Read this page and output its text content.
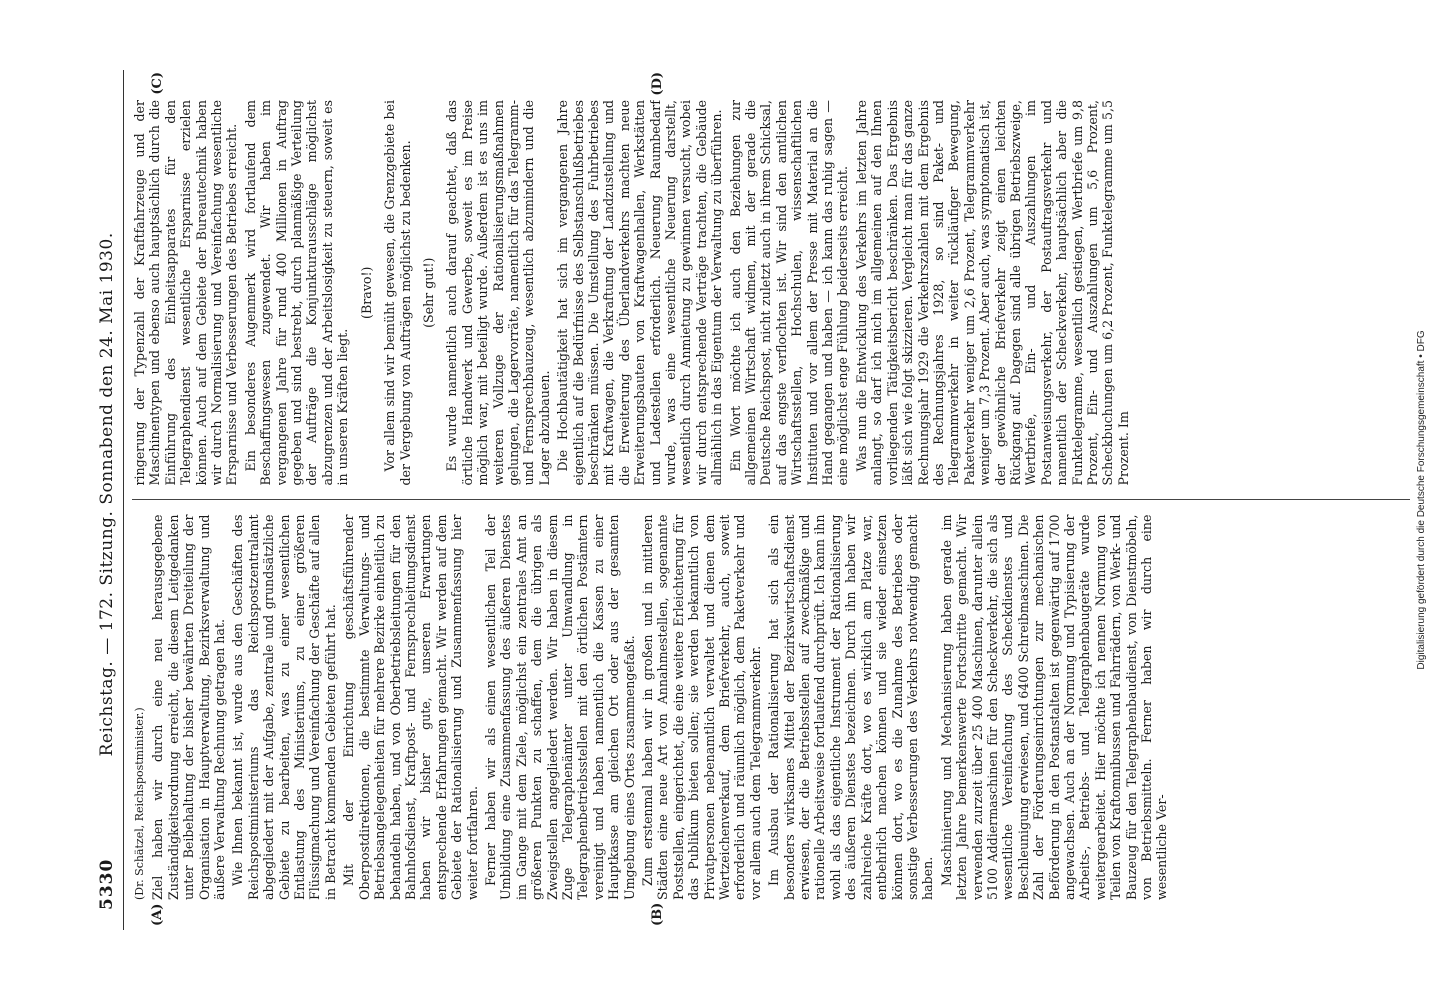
5330
Reichstag. — 172. Sitzung. Sonnabend den 24. Mai 1930.
(A)	(B)
(C)	(D)

(Dr. Schätzel, Reichspostminister.) Ziel haben wir durch eine neu herausgegebene Zuständigkeitsordnung erreicht, die diesem Leitgedanken unter Beibehaltung der bisher bewährten Dreiteilung der Organisation in Hauptverwaltung, Bezirksverwaltung und äußere Verwaltung Rechnung getragen hat. Wie Ihnen bekannt ist, wurde aus den Geschäften des Reichspostministeriums das Reichspostzentralamt abgegliedert mit der Aufgabe, zentrale und grundsätzliche Gebiete zu bearbeiten, was zu einer wesentlichen Entlastung des Ministeriums, zu einer größeren Flüssigmachung und Vereinfachung der Geschäfte auf allen in Betracht kommenden Gebieten geführt hat. Mit der Einrichtung geschäftsführender Oberpostdirektionen, die bestimmte Verwaltungs- und Betriebsangelegenheiten für mehrere Bezirke einheitlich zu behandeln haben, und von Oberbetriebsleitungen für den Bahnhofsdienst, Kraftpost- und Fernsprechleitungsdienst haben wir bisher gute, unseren Erwartungen entsprechende Erfahrungen gemacht. Wir werden auf dem Gebiete der Rationalisierung und Zusammenfassung hier weiter fortfahren. Ferner haben wir als einen wesentlichen Teil der Umbildung eine Zusammenfassung des äußeren Dienstes im Gange mit dem Ziele, möglichst ein zentrales Amt an größeren Punkten zu schaffen, dem die übrigen als Zweigstellen angegliedert werden. Wir haben in diesem Zuge Telegraphenämter unter Umwandlung in Telegraphenbetriebsstellen mit den örtlichen Postämtern vereinigt und haben namentlich die Kassen zu einer Hauptkasse am gleichen Ort oder aus der gesamten Umgebung eines Ortes zusammengefaßt. Zum erstenmal haben wir in großen und in mittleren Städten eine neue Art von Annahmestellen, sogenannte Poststellen, eingerichtet, die eine weitere Erleichterung für das Publikum bieten sollen; sie werden bekanntlich von Privatpersonen nebenamtlich verwaltet und dienen dem Wertzeichenverkauf, dem Briefverkehr, auch, soweit erforderlich und räumlich möglich, dem Paketverkehr und vor allem auch dem Telegrammverkehr. Im Ausbau der Rationalisierung hat sich als ein besonders wirksames Mittel der Bezirkswirtschaftsdienst erwiesen, der die Betriebsstellen auf zweckmäßige und rationelle Arbeitsweise fortlaufend durchprüft. Ich kann ihn wohl als das eigentliche Instrument der Rationalisierung des äußeren Dienstes bezeichnen. Durch ihn haben wir zahlreiche Kräfte dort, wo es wirklich am Platze war, entbehrlich machen können und sie wieder einsetzen können dort, wo es die Zunahme des Betriebes oder sonstige Verbesserungen des Verkehrs notwendig gemacht haben. Maschinierung und Mechanisierung haben gerade im letzten Jahre bemerkenswerte Fortschritte gemacht. Wir verwenden zurzeit über 25 400 Maschinen, darunter allein 5100 Addiermaschinen für den Scheckverkehr, die sich als wesentliche Vereinfachung des Scheckdienstes und Beschleunigung erwiesen, und 6400 Schreibmaschinen. Die Zahl der Förderungseinrichtungen zur mechanischen Beförderung in den Postanstalten ist gegenwärtig auf 1700 angewachsen. Auch an der Normung und Typisierung der Arbeits-, Betriebs- und Telegraphenbaugeräte wurde weitergearbeitet. Hier möchte ich nennen Normung von Teilen von Kraftomnibussen und Fahrrädern, von Werk- und Bauzeug für den Telegraphenbaudienst, von Dienstmöbeln, von Betriebsmitteln. Ferner haben wir durch eine wesentliche Ver-

ringerung der Typenzahl der Kraftfahrzeuge und der Maschinentypen und ebenso auch hauptsächlich durch die Einführung des Einheitsapparates für den Telegraphendienst wesentliche Ersparnisse erzielen können. Auch auf dem Gebiete der Bureautechnik haben wir durch Normalisierung und Vereinfachung wesentliche Ersparnisse und Verbesserungen des Betriebes erreicht. Ein besonderes Augenmerk wird fortlaufend dem Beschaffungswesen zugewendet. Wir haben im vergangenen Jahre für rund 400 Millionen in Auftrag gegeben und sind bestrebt, durch planmäßige Verteilung der Aufträge die Konjunkturausschläge möglichst abzugrenzen und der Arbeitslosigkeit zu steuern, soweit es in unseren Kräften liegt.

(Bravo!) Vor allem sind wir bemüht gewesen, die Grenzgebiete bei der Vergebung von Aufträgen möglichst zu bedenken. (Sehr gut!) Es wurde namentlich auch darauf geachtet, daß das örtliche Handwerk und Gewerbe, soweit es im Preise möglich war, mit beteiligt wurde. Außerdem ist es uns im weiteren Vollzuge der Rationalisierungsmaßnahmen gelungen, die Lagervorräte, namentlich für das Telegramm- und Fernsprechbauzeug, wesentlich abzumindern und die Lager abzubauen. Die Hochbautätigkeit hat sich im vergangenen Jahre eigentlich auf die Bedürfnisse des Selbstanschlußbetriebes beschränken müssen. Die Umstellung des Fuhrbetriebes mit Kraftwagen, die Verkraftung der Landzustellung und die Erweiterung des Überlandverkehrs machten neue Erweiterungsbauten von Kraftwagenhallen, Werkstätten und Ladestellen erforderlich. Neuerung Raumbedarf wurde, was eine wesentliche Neuerung darstellt, wesentlich durch Anmietung zu gewinnen versucht, wobei wir durch entsprechende Verträge trachten, die Gebäude allmählich in das Eigentum der Verwaltung zu überführen. Ein Wort möchte ich auch den Beziehungen zur allgemeinen Wirtschaft widmen, mit der gerade die Deutsche Reichspost, nicht zuletzt auch in ihrem Schicksal, auf das engste verflochten ist. Wir sind den amtlichen Wirtschaftsstellen, Hochschulen, wissenschaftlichen Instituten und vor allem der Presse mit Material an die Hand gegangen und haben — ich kann das ruhig sagen — eine möglichst enge Fühlung beiderseits erreicht. Was nun die Entwicklung des Verkehrs im letzten Jahre anlangt, so darf ich mich im allgemeinen auf den Ihnen vorliegenden Tätigkeitsbericht beschränken. Das Ergebnis läßt sich wie folgt skizzieren. Vergleicht man für das ganze Rechnungsjahr 1929 die Verkehrszahlen mit dem Ergebnis des Rechnungsjahres 1928, so sind Paket- und Telegrammverkehr in weiter rückläufiger Bewegung, Paketverkehr weniger um 2,6 Prozent, Telegrammverkehr weniger um 7,3 Prozent. Aber auch, was symptomatisch ist, der gewöhnliche Briefverkehr zeigt einen leichten Rückgang auf. Dagegen sind alle übrigen Betriebszweige, Wertbriefe, Ein- und Auszahlungen im Postanweisungsverkehr, der Postauftragsverkehr und namentlich der Scheckverkehr, hauptsächlich aber die Funktelegramme, wesentlich gestiegen, Wertbriefe um 9,8 Prozent, Ein- und Auszahlungen um 5,6 Prozent, Scheckbuchungen um 6,2 Prozent, Funktelegramme um 5,5 Prozent. Im	Digitalisierung gefördert durch die Deutsche Forschungsgemeinschaft • DFG
